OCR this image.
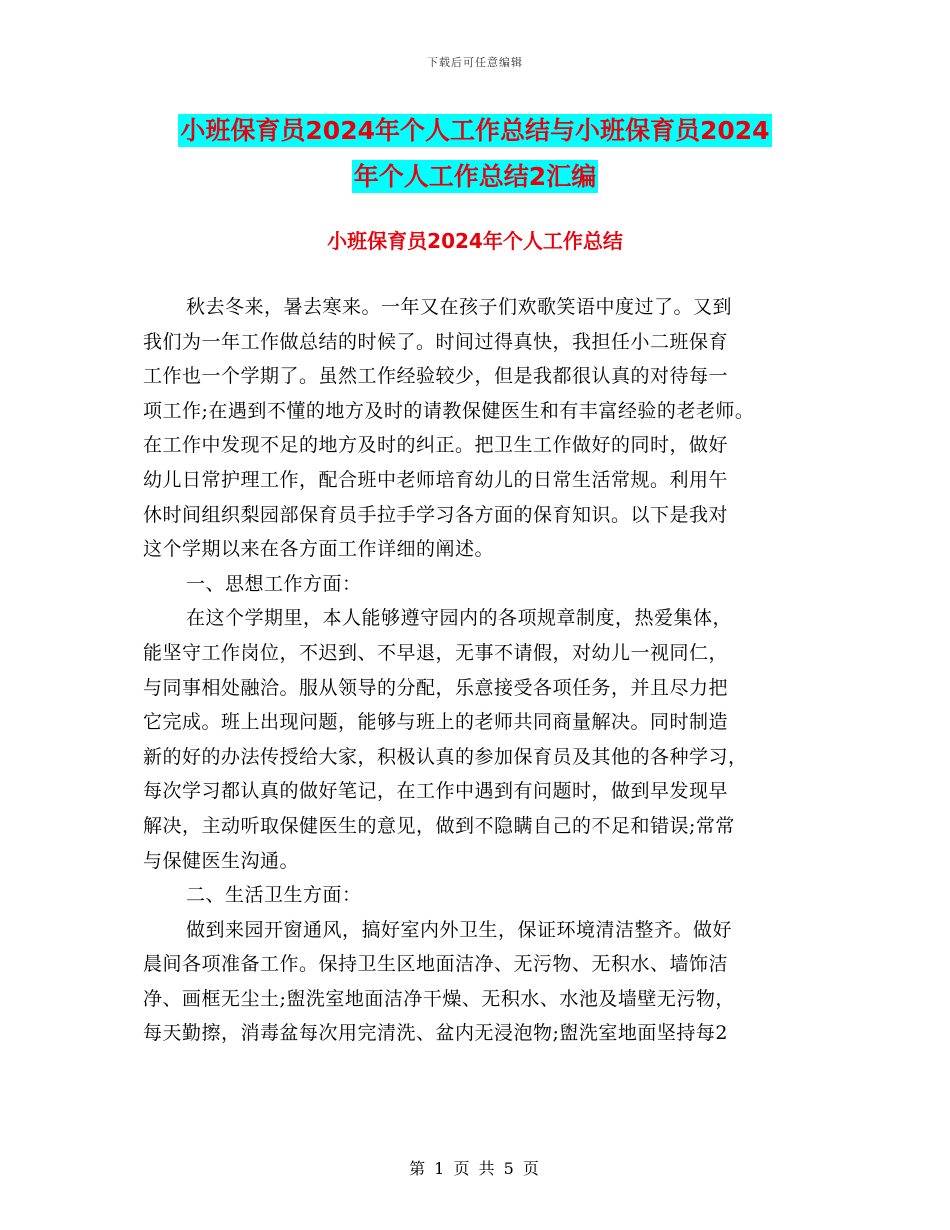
下载后可任意编辑
小班保育员2024年个人工作总结与小班保育员2024
年个人工作总结2汇编
小班保育员2024年个人工作总结
秋去冬来，暑去寒来。一年又在孩子们欢歌笑语中度过了。又到
我们为一年工作做总结的时候了。时间过得真快，我担任小二班保育
工作也一个学期了。虽然工作经验较少，但是我都很认真的对待每一
项工作;在遇到不懂的地方及时的请教保健医生和有丰富经验的老老师。
在工作中发现不足的地方及时的纠正。把卫生工作做好的同时，做好
幼儿日常护理工作，配合班中老师培育幼儿的日常生活常规。利用午
休时间组织梨园部保育员手拉手学习各方面的保育知识。以下是我对
这个学期以来在各方面工作详细的阐述。
一、思想工作方面：
在这个学期里，本人能够遵守园内的各项规章制度，热爱集体，
能坚守工作岗位，不迟到、不早退，无事不请假，对幼儿一视同仁，
与同事相处融洽。服从领导的分配，乐意接受各项任务，并且尽力把
它完成。班上出现问题，能够与班上的老师共同商量解决。同时制造
新的好的办法传授给大家，积极认真的参加保育员及其他的各种学习，
每次学习都认真的做好笔记，在工作中遇到有问题时，做到早发现早
解决，主动听取保健医生的意见，做到不隐瞒自己的不足和错误;常常
与保健医生沟通。
二、生活卫生方面：
做到来园开窗通风，搞好室内外卫生，保证环境清洁整齐。做好
晨间各项准备工作。保持卫生区地面洁净、无污物、无积水、墙饰洁
净、画框无尘土;盥洗室地面洁净干燥、无积水、水池及墙壁无污物，
每天勤擦，消毒盆每次用完清洗、盆内无浸泡物;盥洗室地面坚持每2
第 1 页 共 5 页
